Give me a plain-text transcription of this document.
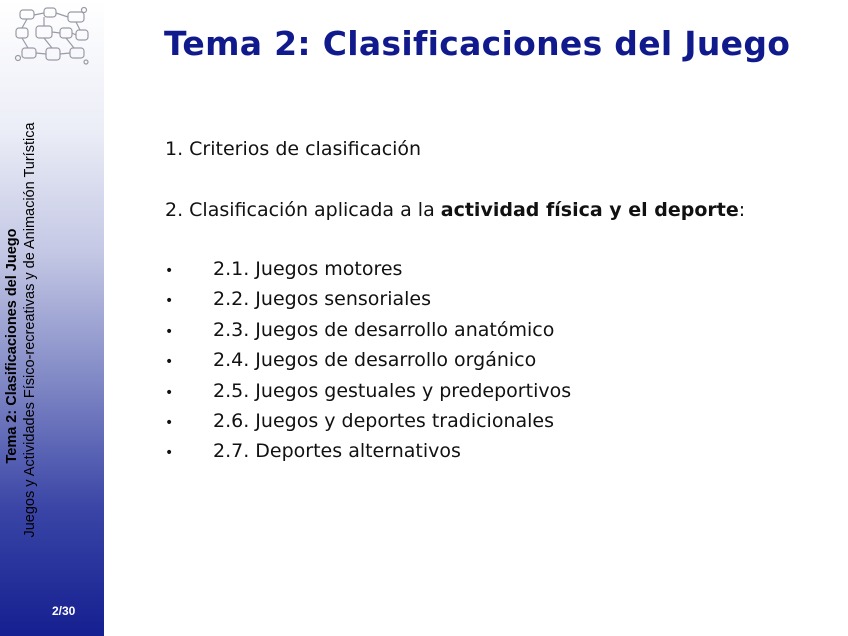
Tema 2: Clasificaciones del Juego Juegos y Actividades Físico-recreativas y de Animación Turística
2/30
Tema 2: Clasificaciones del Juego
1. Criterios de clasificación
2. Clasificación aplicada a la actividad física y el deporte:
• 2.1. Juegos motores
• 2.2. Juegos sensoriales
• 2.3. Juegos de desarrollo anatómico
• 2.4. Juegos de desarrollo orgánico
• 2.5. Juegos gestuales y predeportivos
• 2.6. Juegos y deportes tradicionales
• 2.7. Deportes alternativos
